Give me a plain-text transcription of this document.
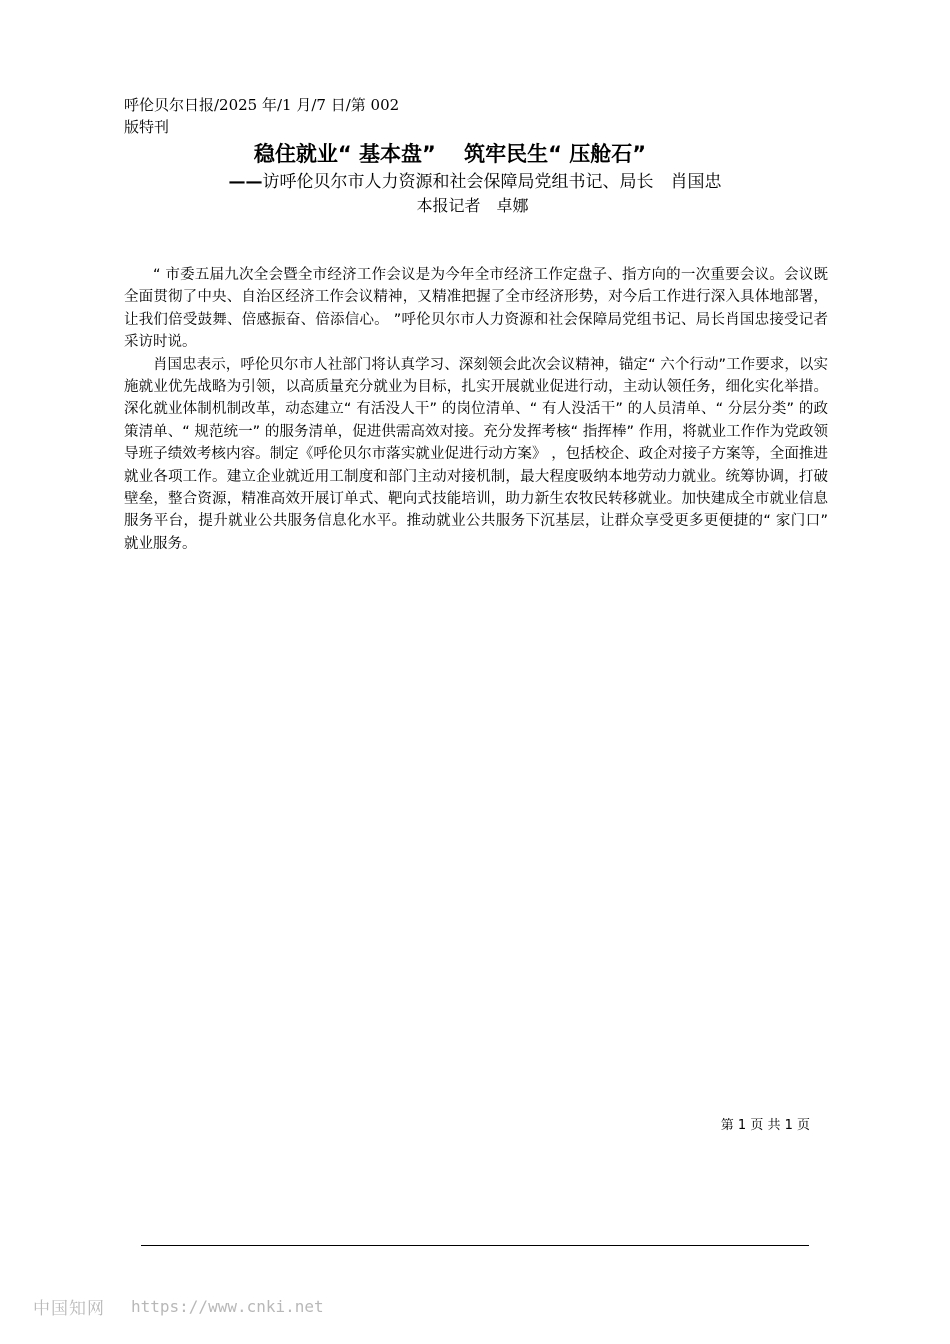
呼伦贝尔日报/2025 年/1 月/7 日/第 002
版特刊
稳住就业“ 基本盘” 　筑牢民生“ 压舱石”
——访呼伦贝尔市人力资源和社会保障局党组书记、局长　肖国忠
本报记者　卓娜

“ 市委五届九次全会暨全市经济工作会议是为今年全市经济工作定盘子、指方向的一次重要会议。会议既全面贯彻了中央、自治区经济工作会议精神，又精准把握了全市经济形势，对今后工作进行深入具体地部署，让我们倍受鼓舞、倍感振奋、倍添信心。 ”呼伦贝尔市人力资源和社会保障局党组书记、局长肖国忠接受记者采访时说。

肖国忠表示，呼伦贝尔市人社部门将认真学习、深刻领会此次会议精神，锚定“ 六个行动”工作要求，以实施就业优先战略为引领，以高质量充分就业为目标，扎实开展就业促进行动，主动认领任务，细化实化举措。深化就业体制机制改革，动态建立“ 有活没人干” 的岗位清单、“ 有人没活干” 的人员清单、“ 分层分类” 的政策清单、“ 规范统一” 的服务清单，促进供需高效对接。充分发挥考核“ 指挥棒” 作用，将就业工作作为党政领导班子绩效考核内容。制定《呼伦贝尔市落实就业促进行动方案》 ，包括校企、政企对接子方案等，全面推进就业各项工作。建立企业就近用工制度和部门主动对接机制，最大程度吸纳本地劳动力就业。统筹协调，打破壁垒，整合资源，精准高效开展订单式、靶向式技能培训，助力新生农牧民转移就业。加快建成全市就业信息服务平台，提升就业公共服务信息化水平。推动就业公共服务下沉基层，让群众享受更多更便捷的“ 家门口” 就业服务。

第 1 页 共 1 页
中国知网 https://www.cnki.net
